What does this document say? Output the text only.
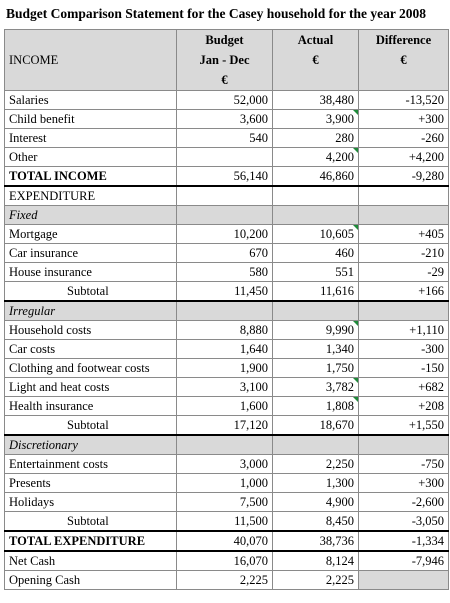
Budget Comparison Statement for the Casey household for the year 2008
INCOME	Budget	Actual	Difference
	Jan - Dec	€	€
	€		
Salaries	52,000	38,480	-13,520
Child benefit	3,600	3,900	+300
Interest	540	280	-260
Other		4,200	+4,200
TOTAL INCOME	56,140	46,860	-9,280
EXPENDITURE			
Fixed			
Mortgage	10,200	10,605	+405
Car insurance	670	460	-210
House insurance	580	551	-29
Subtotal	11,450	11,616	+166
Irregular			
Household costs	8,880	9,990	+1,110
Car costs	1,640	1,340	-300
Clothing and footwear costs	1,900	1,750	-150
Light and heat costs	3,100	3,782	+682
Health insurance	1,600	1,808	+208
Subtotal	17,120	18,670	+1,550
Discretionary			
Entertainment costs	3,000	2,250	-750
Presents	1,000	1,300	+300
Holidays	7,500	4,900	-2,600
Subtotal	11,500	8,450	-3,050
TOTAL EXPENDITURE	40,070	38,736	-1,334
Net Cash	16,070	8,124	-7,946
Opening Cash	2,225	2,225	
